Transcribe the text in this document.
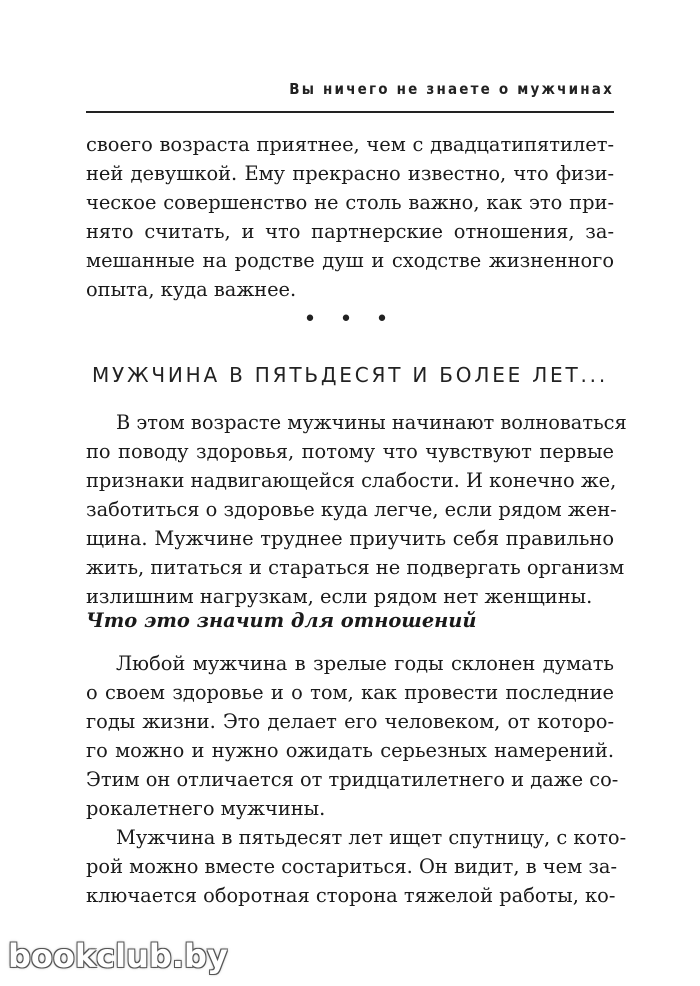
Вы ничего не знаете о мужчинах
своего возраста приятнее, чем с двадцатипятилет-
ней девушкой. Ему прекрасно известно, что физи-
ческое совершенство не столь важно, как это при-
нято считать, и что партнерские отношения, за-
мешанные на родстве душ и сходстве жизненного
опыта, куда важнее.
• • •
МУЖЧИНА В ПЯТЬДЕСЯТ И БОЛЕЕ ЛЕТ...
В этом возрасте мужчины начинают волноваться
по поводу здоровья, потому что чувствуют первые
признаки надвигающейся слабости. И конечно же,
заботиться о здоровье куда легче, если рядом жен-
щина. Мужчине труднее приучить себя правильно
жить, питаться и стараться не подвергать организм
излишним нагрузкам, если рядом нет женщины.
Что это значит для отношений
Любой мужчина в зрелые годы склонен думать
о своем здоровье и о том, как провести последние
годы жизни. Это делает его человеком, от которо-
го можно и нужно ожидать серьезных намерений.
Этим он отличается от тридцатилетнего и даже со-
рокалетнего мужчины.
Мужчина в пятьдесят лет ищет спутницу, с кото-
рой можно вместе состариться. Он видит, в чем за-
ключается оборотная сторона тяжелой работы, ко-
bookclub.by
